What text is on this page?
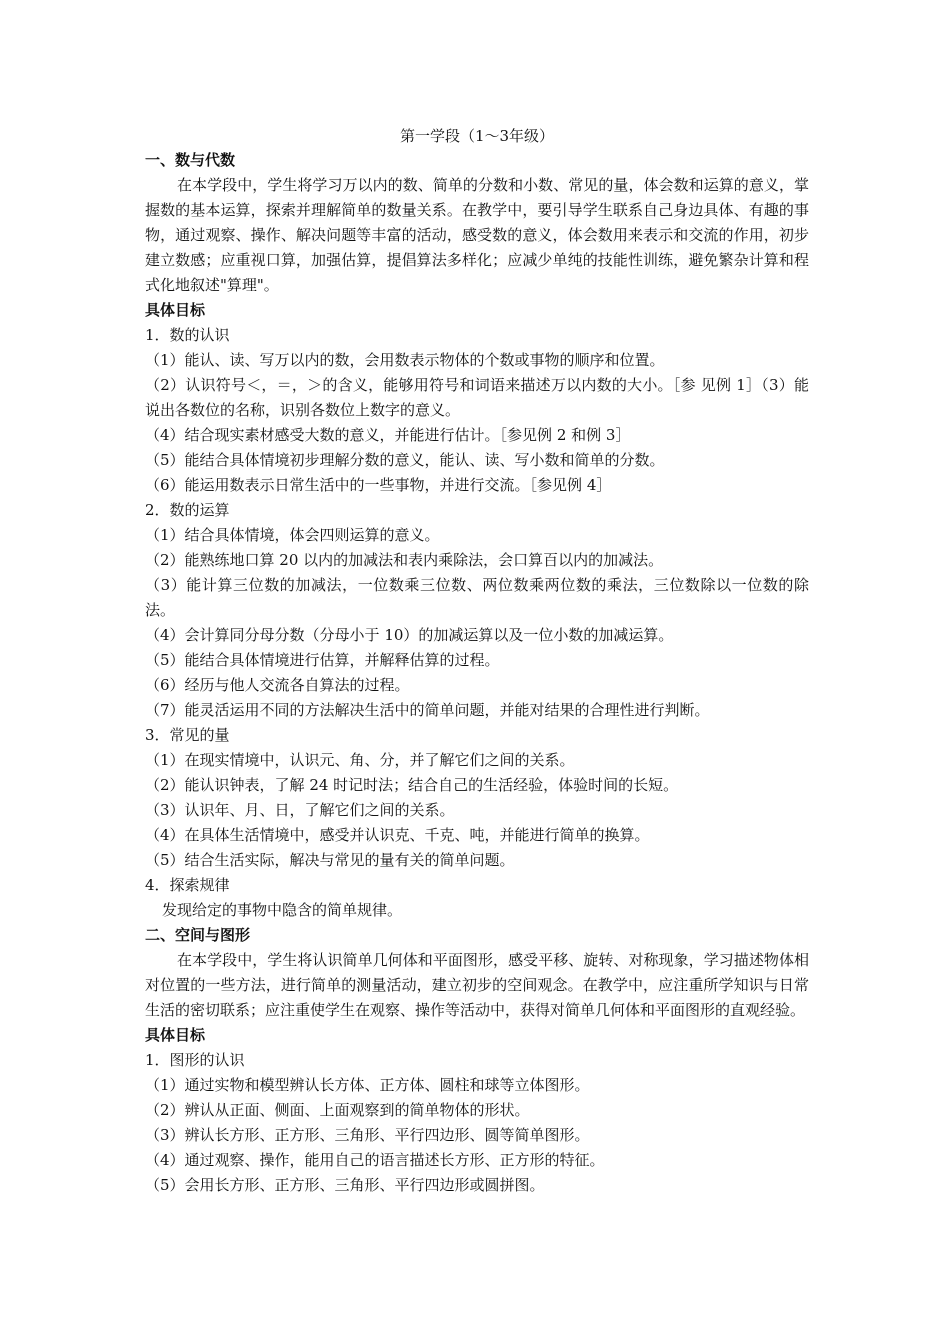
第一学段（1～3年级）
一、数与代数

在本学段中，学生将学习万以内的数、简单的分数和小数、常见的量，体会数和运算的意义，掌握数的基本运算，探索并理解简单的数量关系。在教学中，要引导学生联系自己身边具体、有趣的事物，通过观察、操作、解决问题等丰富的活动，感受数的意义，体会数用来表示和交流的作用，初步建立数感；应重视口算，加强估算，提倡算法多样化；应减少单纯的技能性训练，避免繁杂计算和程式化地叙述"算理"。

具体目标
1．数的认识
（1）能认、读、写万以内的数，会用数表示物体的个数或事物的顺序和位置。

（2）认识符号＜，＝，＞的含义，能够用符号和词语来描述万以内数的大小。［参 见例 1］（3）能说出各数位的名称，识别各数位上数字的意义。

（4）结合现实素材感受大数的意义，并能进行估计。［参见例 2 和例 3］
（5）能结合具体情境初步理解分数的意义，能认、读、写小数和简单的分数。
（6）能运用数表示日常生活中的一些事物，并进行交流。［参见例 4］
2．数的运算
（1）结合具体情境，体会四则运算的意义。
（2）能熟练地口算 20 以内的加减法和表内乘除法，会口算百以内的加减法。

（3）能计算三位数的加减法，一位数乘三位数、两位数乘两位数的乘法，三位数除以一位数的除法。

（4）会计算同分母分数（分母小于 10）的加减运算以及一位小数的加减运算。
（5）能结合具体情境进行估算，并解释估算的过程。
（6）经历与他人交流各自算法的过程。
（7）能灵活运用不同的方法解决生活中的简单问题，并能对结果的合理性进行判断。
3．常见的量
（1）在现实情境中，认识元、角、分，并了解它们之间的关系。
（2）能认识钟表，了解 24 时记时法；结合自己的生活经验，体验时间的长短。
（3）认识年、月、日，了解它们之间的关系。
（4）在具体生活情境中，感受并认识克、千克、吨，并能进行简单的换算。
（5）结合生活实际，解决与常见的量有关的简单问题。
4．探索规律
发现给定的事物中隐含的简单规律。
二、空间与图形

在本学段中，学生将认识简单几何体和平面图形，感受平移、旋转、对称现象，学习描述物体相对位置的一些方法，进行简单的测量活动，建立初步的空间观念。在教学中，应注重所学知识与日常生活的密切联系；应注重使学生在观察、操作等活动中，获得对简单几何体和平面图形的直观经验。

具体目标
1．图形的认识
（1）通过实物和模型辨认长方体、正方体、圆柱和球等立体图形。
（2）辨认从正面、侧面、上面观察到的简单物体的形状。
（3）辨认长方形、正方形、三角形、平行四边形、圆等简单图形。
（4）通过观察、操作，能用自己的语言描述长方形、正方形的特征。
（5）会用长方形、正方形、三角形、平行四边形或圆拼图。
